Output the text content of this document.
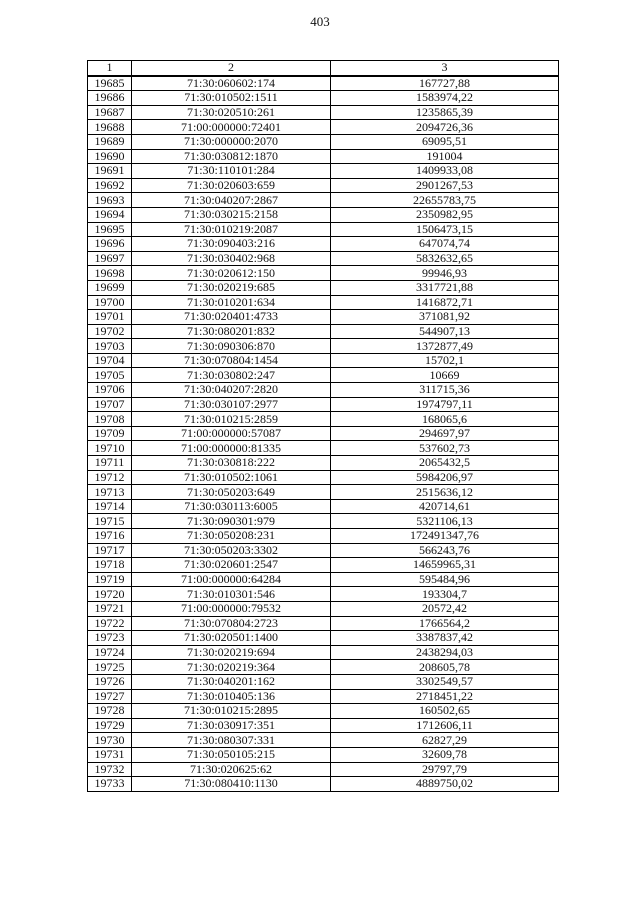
403
1	2	3
19685	71:30:060602:174	167727,88
19686	71:30:010502:1511	1583974,22
19687	71:30:020510:261	1235865,39
19688	71:00:000000:72401	2094726,36
19689	71:30:000000:2070	69095,51
19690	71:30:030812:1870	191004
19691	71:30:110101:284	1409933,08
19692	71:30:020603:659	2901267,53
19693	71:30:040207:2867	22655783,75
19694	71:30:030215:2158	2350982,95
19695	71:30:010219:2087	1506473,15
19696	71:30:090403:216	647074,74
19697	71:30:030402:968	5832632,65
19698	71:30:020612:150	99946,93
19699	71:30:020219:685	3317721,88
19700	71:30:010201:634	1416872,71
19701	71:30:020401:4733	371081,92
19702	71:30:080201:832	544907,13
19703	71:30:090306:870	1372877,49
19704	71:30:070804:1454	15702,1
19705	71:30:030802:247	10669
19706	71:30:040207:2820	311715,36
19707	71:30:030107:2977	1974797,11
19708	71:30:010215:2859	168065,6
19709	71:00:000000:57087	294697,97
19710	71:00:000000:81335	537602,73
19711	71:30:030818:222	2065432,5
19712	71:30:010502:1061	5984206,97
19713	71:30:050203:649	2515636,12
19714	71:30:030113:6005	420714,61
19715	71:30:090301:979	5321106,13
19716	71:30:050208:231	172491347,76
19717	71:30:050203:3302	566243,76
19718	71:30:020601:2547	14659965,31
19719	71:00:000000:64284	595484,96
19720	71:30:010301:546	193304,7
19721	71:00:000000:79532	20572,42
19722	71:30:070804:2723	1766564,2
19723	71:30:020501:1400	3387837,42
19724	71:30:020219:694	2438294,03
19725	71:30:020219:364	208605,78
19726	71:30:040201:162	3302549,57
19727	71:30:010405:136	2718451,22
19728	71:30:010215:2895	160502,65
19729	71:30:030917:351	1712606,11
19730	71:30:080307:331	62827,29
19731	71:30:050105:215	32609,78
19732	71:30:020625:62	29797,79
19733	71:30:080410:1130	4889750,02
